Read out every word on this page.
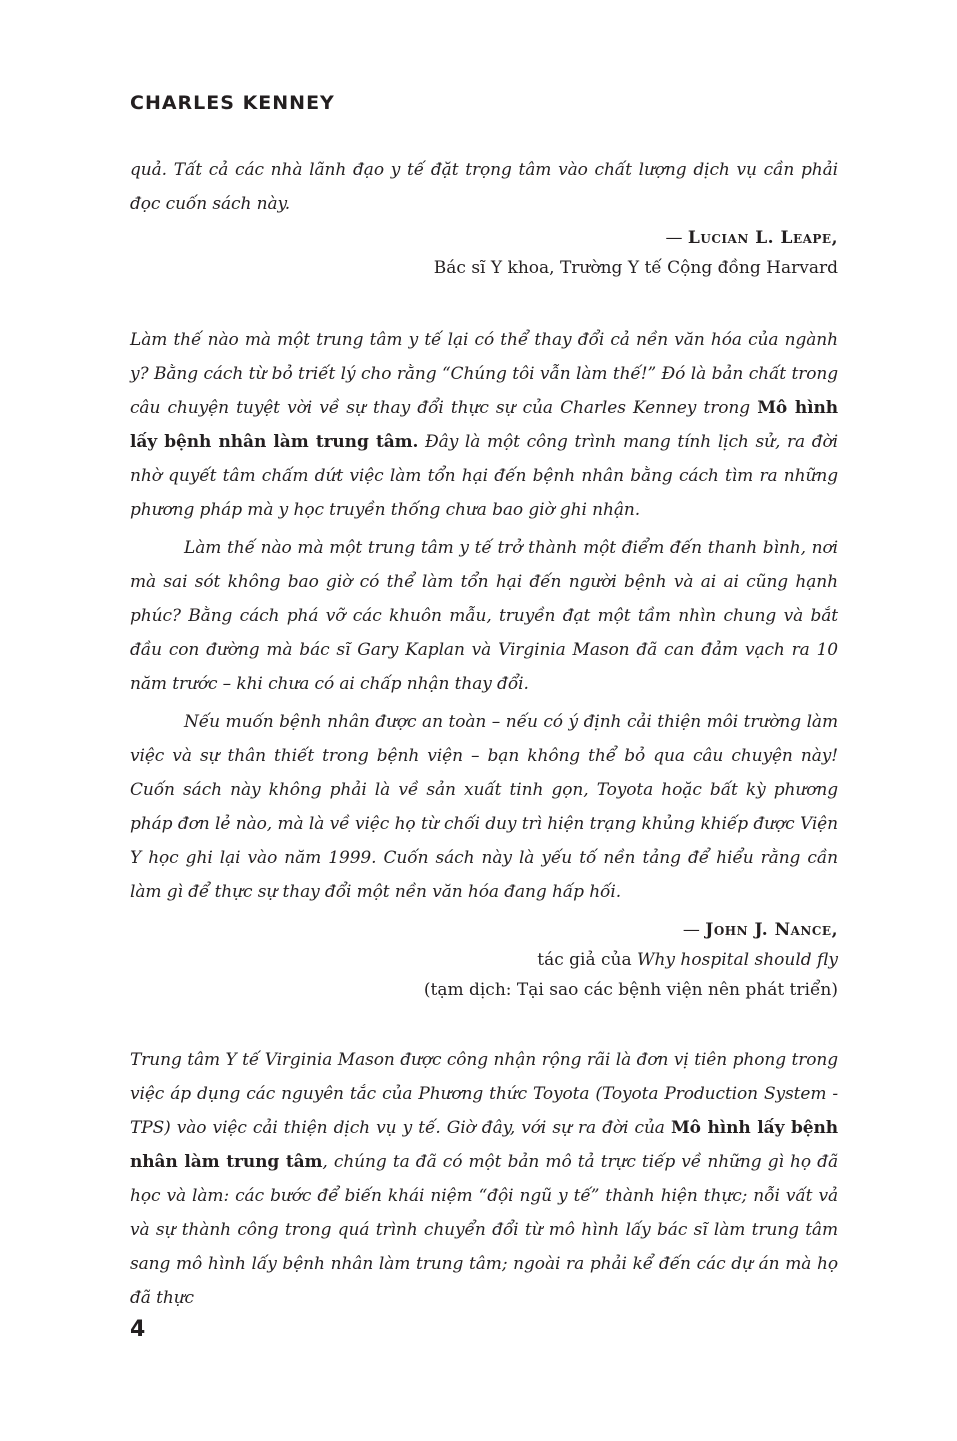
CHARLES KENNEY

quả. Tất cả các nhà lãnh đạo y tế đặt trọng tâm vào chất lượng dịch vụ cần phải đọc cuốn sách này.

— Lucian L. Leape,
Bác sĩ Y khoa, Trường Y tế Cộng đồng Harvard

Làm thế nào mà một trung tâm y tế lại có thể thay đổi cả nền văn hóa của ngành y? Bằng cách từ bỏ triết lý cho rằng “Chúng tôi vẫn làm thế!” Đó là bản chất trong câu chuyện tuyệt vời về sự thay đổi thực sự của Charles Kenney trong Mô hình lấy bệnh nhân làm trung tâm. Đây là một công trình mang tính lịch sử, ra đời nhờ quyết tâm chấm dứt việc làm tổn hại đến bệnh nhân bằng cách tìm ra những phương pháp mà y học truyền thống chưa bao giờ ghi nhận.

Làm thế nào mà một trung tâm y tế trở thành một điểm đến thanh bình, nơi mà sai sót không bao giờ có thể làm tổn hại đến người bệnh và ai ai cũng hạnh phúc? Bằng cách phá vỡ các khuôn mẫu, truyền đạt một tầm nhìn chung và bắt đầu con đường mà bác sĩ Gary Kaplan và Virginia Mason đã can đảm vạch ra 10 năm trước – khi chưa có ai chấp nhận thay đổi.

Nếu muốn bệnh nhân được an toàn – nếu có ý định cải thiện môi trường làm việc và sự thân thiết trong bệnh viện – bạn không thể bỏ qua câu chuyện này! Cuốn sách này không phải là về sản xuất tinh gọn, Toyota hoặc bất kỳ phương pháp đơn lẻ nào, mà là về việc họ từ chối duy trì hiện trạng khủng khiếp được Viện Y học ghi lại vào năm 1999. Cuốn sách này là yếu tố nền tảng để hiểu rằng cần làm gì để thực sự thay đổi một nền văn hóa đang hấp hối.

— John J. Nance,
tác giả của Why hospital should fly
(tạm dịch: Tại sao các bệnh viện nên phát triển)

Trung tâm Y tế Virginia Mason được công nhận rộng rãi là đơn vị tiên phong trong việc áp dụng các nguyên tắc của Phương thức Toyota (Toyota Production System - TPS) vào việc cải thiện dịch vụ y tế. Giờ đây, với sự ra đời của Mô hình lấy bệnh nhân làm trung tâm, chúng ta đã có một bản mô tả trực tiếp về những gì họ đã học và làm: các bước để biến khái niệm “đội ngũ y tế” thành hiện thực; nỗi vất vả và sự thành công trong quá trình chuyển đổi từ mô hình lấy bác sĩ làm trung tâm sang mô hình lấy bệnh nhân làm trung tâm; ngoài ra phải kể đến các dự án mà họ đã thực

4
